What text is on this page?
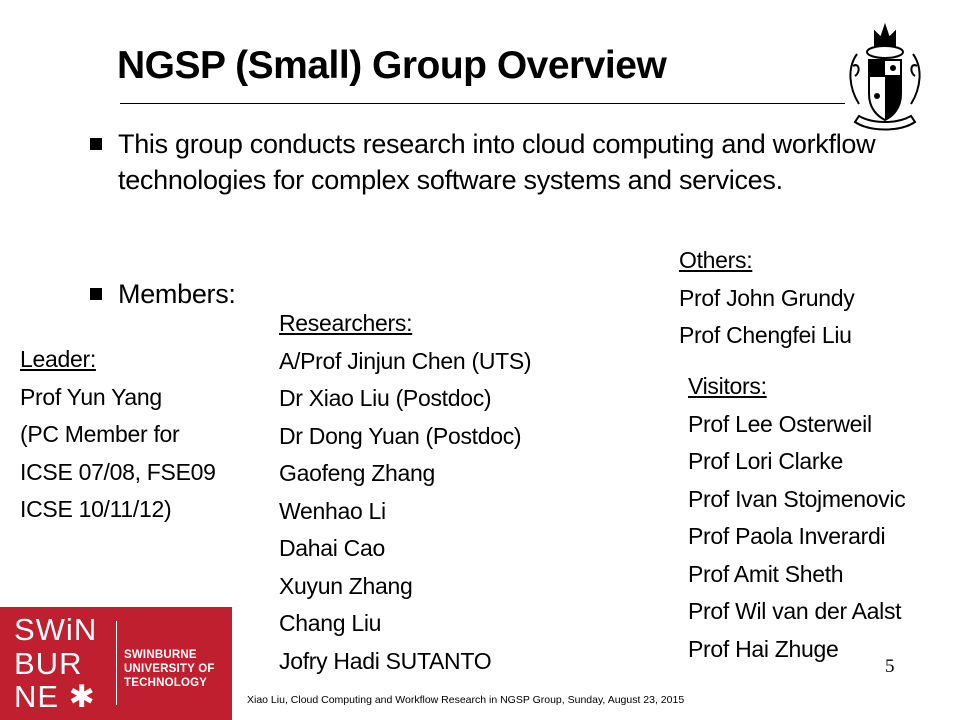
NGSP (Small) Group Overview
This group conducts research into cloud computing and workflow technologies for complex software systems and services.
Members:
Leader:
Prof Yun Yang
(PC Member for
ICSE 07/08, FSE09
ICSE 10/11/12)
Researchers:
A/Prof Jinjun Chen (UTS)
Dr Xiao Liu (Postdoc)
Dr Dong Yuan (Postdoc)
Gaofeng Zhang
Wenhao Li
Dahai Cao
Xuyun Zhang
Chang Liu
Jofry Hadi SUTANTO
Others:
Prof John Grundy
Prof Chengfei Liu
Visitors:
Prof Lee Osterweil
Prof Lori Clarke
Prof Ivan Stojmenovic
Prof Paola Inverardi
Prof Amit Sheth
Prof Wil van der Aalst
Prof Hai Zhuge
SWiN
BUR
NE ✱
SWINBURNE
UNIVERSITY OF
TECHNOLOGY
5
Xiao Liu, Cloud Computing and Workflow Research in NGSP Group, Sunday, August 23, 2015
